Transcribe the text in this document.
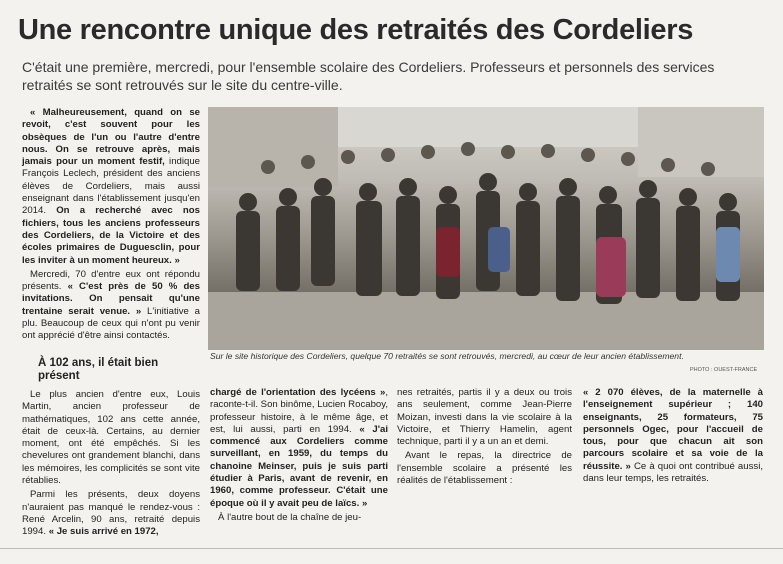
Une rencontre unique des retraités des Cordeliers
C'était une première, mercredi, pour l'ensemble scolaire des Cordeliers. Professeurs et personnels des services retraités se sont retrouvés sur le site du centre-ville.

« Malheureusement, quand on se revoit, c'est souvent pour les obsèques de l'un ou l'autre d'entre nous. On se retrouve après, mais jamais pour un moment festif, indique François Leclech, président des anciens élèves de Cordeliers, mais aussi enseignant dans l'établissement jusqu'en 2014. On a recherché avec nos fichiers, tous les anciens professeurs des Cordeliers, de la Victoire et des écoles primaires de Duguesclin, pour les inviter à un moment heureux. »

Mercredi, 70 d'entre eux ont répondu présents. « C'est près de 50 % des invitations. On pensait qu'une trentaine serait venue. » L'initiative a plu. Beaucoup de ceux qui n'ont pu venir ont apprécié d'être ainsi contactés.

À 102 ans, il était bien présent

Le plus ancien d'entre eux, Louis Martin, ancien professeur de mathématiques, 102 ans cette année, était de ceux-là. Certains, au dernier moment, ont été empêchés. Si les chevelures ont grandement blanchi, dans les mémoires, les complicités se sont vite rétablies.

Parmi les présents, deux doyens n'auraient pas manqué le rendez-vous : René Arcelin, 90 ans, retraité depuis 1994. « Je suis arrivé en 1972,

Sur le site historique des Cordeliers, quelque 70 retraités se sont retrouvés, mercredi, au cœur de leur ancien établissement.
PHOTO : OUEST-FRANCE

chargé de l'orientation des lycéens », raconte-t-il. Son binôme, Lucien Rocaboy, professeur histoire, à le même âge, et est, lui aussi, parti en 1994. « J'ai commencé aux Cordeliers comme surveillant, en 1959, du temps du chanoine Meinser, puis je suis parti étudier à Paris, avant de revenir, en 1960, comme professeur. C'était une époque où il y avait peu de laïcs. »

À l'autre bout de la chaîne de jeu-

nes retraités, partis il y a deux ou trois ans seulement, comme Jean-Pierre Moizan, investi dans la vie scolaire à la Victoire, et Thierry Hamelin, agent technique, parti il y a un an et demi.

Avant le repas, la directrice de l'ensemble scolaire a présenté les réalités de l'établissement :

« 2 070 élèves, de la maternelle à l'enseignement supérieur ; 140 enseignants, 25 formateurs, 75 personnels Ogec, pour l'accueil de tous, pour que chacun ait son parcours scolaire et sa voie de la réussite. » Ce à quoi ont contribué aussi, dans leur temps, les retraités.
